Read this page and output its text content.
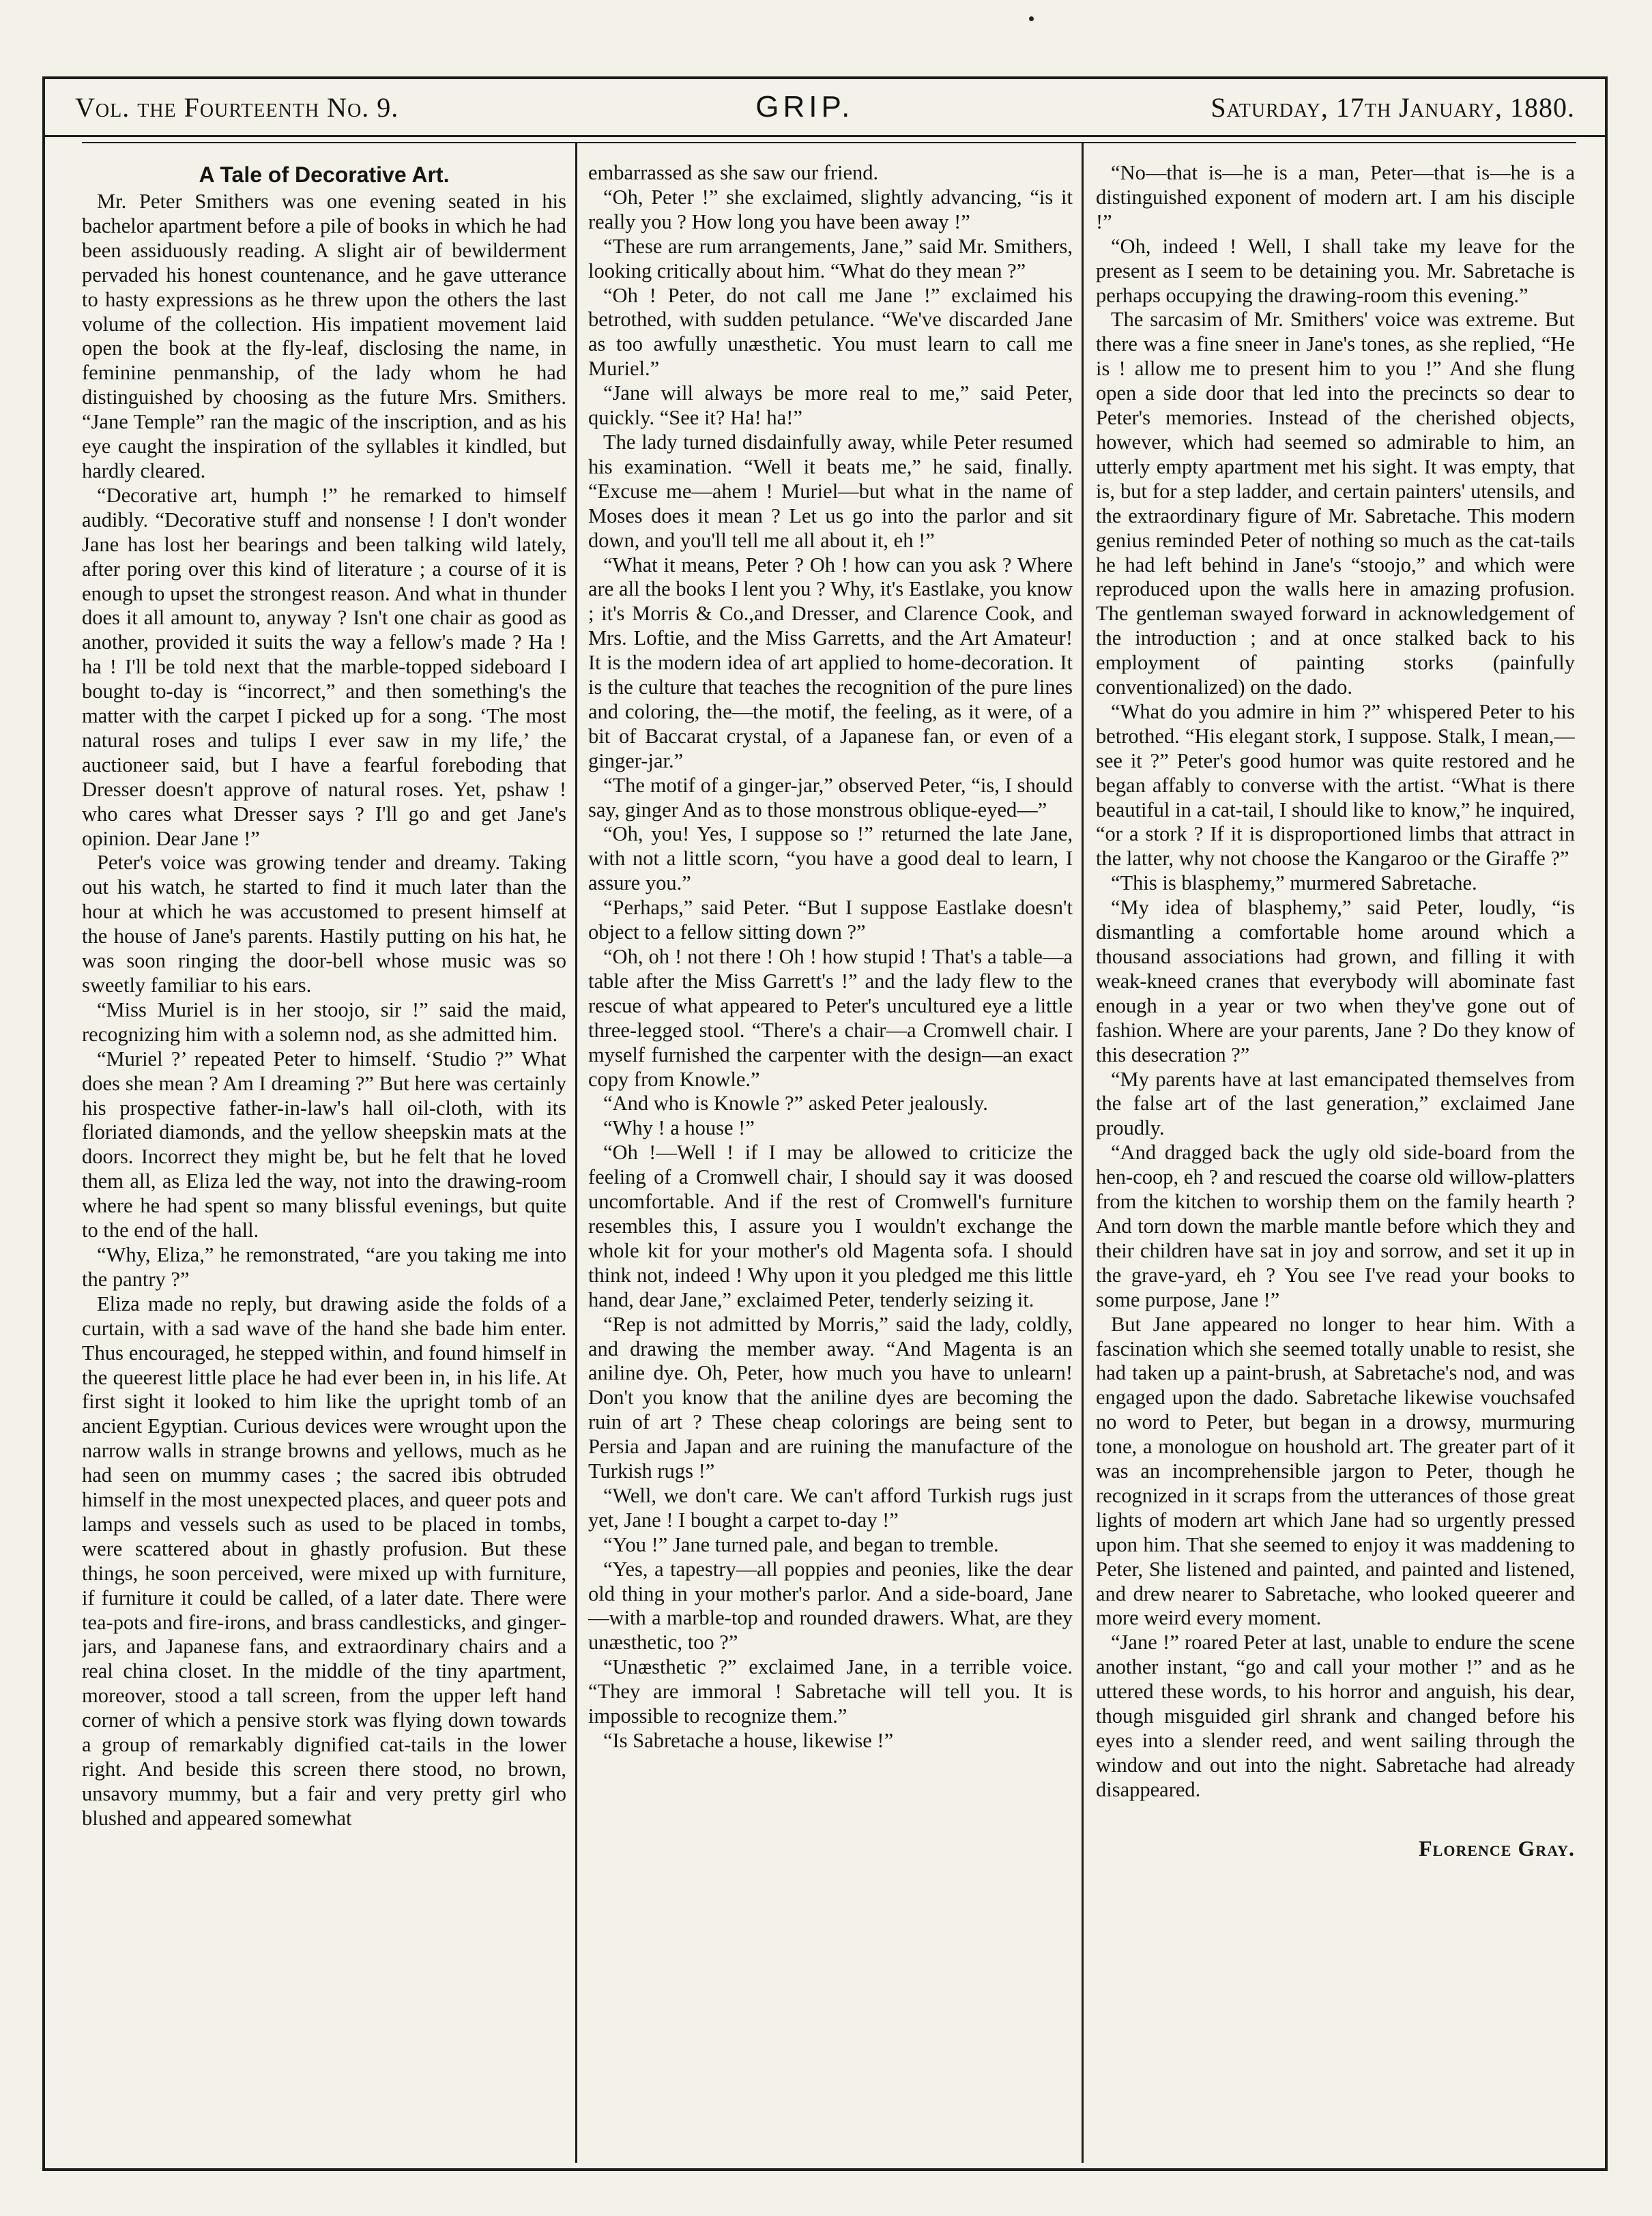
Vol. the Fourteenth No. 9.	GRIP.	Saturday, 17th January, 1880.
A Tale of Decorative Art.

Mr. Peter Smithers was one evening seated in his bachelor apartment before a pile of books in which he had been assiduously reading. A slight air of bewilderment pervaded his honest countenance, and he gave utterance to hasty expressions as he threw upon the others the last volume of the collection. His impatient movement laid open the book at the fly-leaf, disclosing the name, in feminine penmanship, of the lady whom he had distinguished by choosing as the future Mrs. Smithers. “Jane Temple” ran the magic of the inscription, and as his eye caught the inspiration of the syllables it kindled, but hardly cleared.

“Decorative art, humph !” he remarked to himself audibly. “Decorative stuff and nonsense ! I don't wonder Jane has lost her bearings and been talking wild lately, after poring over this kind of literature ; a course of it is enough to upset the strongest reason. And what in thunder does it all amount to, anyway ? Isn't one chair as good as another, provided it suits the way a fellow's made ? Ha ! ha ! I'll be told next that the marble-topped sideboard I bought to-day is “incorrect,” and then something's the matter with the carpet I picked up for a song. ‘The most natural roses and tulips I ever saw in my life,’ the auctioneer said, but I have a fearful foreboding that Dresser doesn't approve of natural roses. Yet, pshaw ! who cares what Dresser says ? I'll go and get Jane's opinion. Dear Jane !”

Peter's voice was growing tender and dreamy. Taking out his watch, he started to find it much later than the hour at which he was accustomed to present himself at the house of Jane's parents. Hastily putting on his hat, he was soon ringing the door-bell whose music was so sweetly familiar to his ears.

“Miss Muriel is in her stoojo, sir !” said the maid, recognizing him with a solemn nod, as she admitted him.

“Muriel ?’ repeated Peter to himself. ‘Studio ?” What does she mean ? Am I dreaming ?” But here was certainly his prospective father-in-law's hall oil-cloth, with its floriated diamonds, and the yellow sheepskin mats at the doors. Incorrect they might be, but he felt that he loved them all, as Eliza led the way, not into the drawing-room where he had spent so many blissful evenings, but quite to the end of the hall.

“Why, Eliza,” he remonstrated, “are you taking me into the pantry ?”

Eliza made no reply, but drawing aside the folds of a curtain, with a sad wave of the hand she bade him enter. Thus encouraged, he stepped within, and found himself in the queerest little place he had ever been in, in his life. At first sight it looked to him like the upright tomb of an ancient Egyptian. Curious devices were wrought upon the narrow walls in strange browns and yellows, much as he had seen on mummy cases ; the sacred ibis obtruded himself in the most unexpected places, and queer pots and lamps and vessels such as used to be placed in tombs, were scattered about in ghastly profusion. But these things, he soon perceived, were mixed up with furniture, if furniture it could be called, of a later date. There were tea-pots and fire-irons, and brass candlesticks, and ginger-jars, and Japanese fans, and extraordinary chairs and a real china closet. In the middle of the tiny apartment, moreover, stood a tall screen, from the upper left hand corner of which a pensive stork was flying down towards a group of remarkably dignified cat-tails in the lower right. And beside this screen there stood, no brown, unsavory mummy, but a fair and very pretty girl who blushed and appeared somewhat

embarrassed as she saw our friend.

“Oh, Peter !” she exclaimed, slightly advancing, “is it really you ? How long you have been away !”

“These are rum arrangements, Jane,” said Mr. Smithers, looking critically about him. “What do they mean ?”

“Oh ! Peter, do not call me Jane !” exclaimed his betrothed, with sudden petulance. “We've discarded Jane as too awfully unæsthetic. You must learn to call me Muriel.”

“Jane will always be more real to me,” said Peter, quickly. “See it? Ha! ha!”

The lady turned disdainfully away, while Peter resumed his examination. “Well it beats me,” he said, finally. “Excuse me—ahem ! Muriel—but what in the name of Moses does it mean ? Let us go into the parlor and sit down, and you'll tell me all about it, eh !”

“What it means, Peter ? Oh ! how can you ask ? Where are all the books I lent you ? Why, it's Eastlake, you know ; it's Morris & Co.,and Dresser, and Clarence Cook, and Mrs. Loftie, and the Miss Garretts, and the Art Amateur! It is the modern idea of art applied to home-decoration. It is the culture that teaches the recognition of the pure lines and coloring, the—the motif, the feeling, as it were, of a bit of Baccarat crystal, of a Japanese fan, or even of a ginger-jar.”

“The motif of a ginger-jar,” observed Peter, “is, I should say, ginger And as to those monstrous oblique-eyed—”

“Oh, you! Yes, I suppose so !” returned the late Jane, with not a little scorn, “you have a good deal to learn, I assure you.”

“Perhaps,” said Peter. “But I suppose Eastlake doesn't object to a fellow sitting down ?”

“Oh, oh ! not there ! Oh ! how stupid ! That's a table—a table after the Miss Garrett's !” and the lady flew to the rescue of what appeared to Peter's uncultured eye a little three-legged stool. “There's a chair—a Cromwell chair. I myself furnished the carpenter with the design—an exact copy from Knowle.”

“And who is Knowle ?” asked Peter jealously.

“Why ! a house !”

“Oh !—Well ! if I may be allowed to criticize the feeling of a Cromwell chair, I should say it was doosed uncomfortable. And if the rest of Cromwell's furniture resembles this, I assure you I wouldn't exchange the whole kit for your mother's old Magenta sofa. I should think not, indeed ! Why upon it you pledged me this little hand, dear Jane,” exclaimed Peter, tenderly seizing it.

“Rep is not admitted by Morris,” said the lady, coldly, and drawing the member away. “And Magenta is an aniline dye. Oh, Peter, how much you have to unlearn! Don't you know that the aniline dyes are becoming the ruin of art ? These cheap colorings are being sent to Persia and Japan and are ruining the manufacture of the Turkish rugs !”

“Well, we don't care. We can't afford Turkish rugs just yet, Jane ! I bought a carpet to-day !”

“You !” Jane turned pale, and began to tremble.

“Yes, a tapestry—all poppies and peonies, like the dear old thing in your mother's parlor. And a side-board, Jane—with a marble-top and rounded drawers. What, are they unæsthetic, too ?”

“Unæsthetic ?” exclaimed Jane, in a terrible voice. “They are immoral ! Sabretache will tell you. It is impossible to recognize them.”

“Is Sabretache a house, likewise !”

“No—that is—he is a man, Peter—that is—he is a distinguished exponent of modern art. I am his disciple !”

“Oh, indeed ! Well, I shall take my leave for the present as I seem to be detaining you. Mr. Sabretache is perhaps occupying the drawing-room this evening.”

The sarcasim of Mr. Smithers' voice was extreme. But there was a fine sneer in Jane's tones, as she replied, “He is ! allow me to present him to you !” And she flung open a side door that led into the precincts so dear to Peter's memories. Instead of the cherished objects, however, which had seemed so admirable to him, an utterly empty apartment met his sight. It was empty, that is, but for a step ladder, and certain painters' utensils, and the extraordinary figure of Mr. Sabretache. This modern genius reminded Peter of nothing so much as the cat-tails he had left behind in Jane's “stoojo,” and which were reproduced upon the walls here in amazing profusion. The gentleman swayed forward in acknowledgement of the introduction ; and at once stalked back to his employment of painting storks (painfully conventionalized) on the dado.

“What do you admire in him ?” whispered Peter to his betrothed. “His elegant stork, I suppose. Stalk, I mean,—see it ?” Peter's good humor was quite restored and he began affably to converse with the artist. “What is there beautiful in a cat-tail, I should like to know,” he inquired, “or a stork ? If it is disproportioned limbs that attract in the latter, why not choose the Kangaroo or the Giraffe ?”

“This is blasphemy,” murmered Sabretache.

“My idea of blasphemy,” said Peter, loudly, “is dismantling a comfortable home around which a thousand associations had grown, and filling it with weak-kneed cranes that everybody will abominate fast enough in a year or two when they've gone out of fashion. Where are your parents, Jane ? Do they know of this desecration ?”

“My parents have at last emancipated themselves from the false art of the last generation,” exclaimed Jane proudly.

“And dragged back the ugly old side-board from the hen-coop, eh ? and rescued the coarse old willow-platters from the kitchen to worship them on the family hearth ? And torn down the marble mantle before which they and their children have sat in joy and sorrow, and set it up in the grave-yard, eh ? You see I've read your books to some purpose, Jane !”

But Jane appeared no longer to hear him. With a fascination which she seemed totally unable to resist, she had taken up a paint-brush, at Sabretache's nod, and was engaged upon the dado. Sabretache likewise vouchsafed no word to Peter, but began in a drowsy, murmuring tone, a monologue on houshold art. The greater part of it was an incomprehensible jargon to Peter, though he recognized in it scraps from the utterances of those great lights of modern art which Jane had so urgently pressed upon him. That she seemed to enjoy it was maddening to Peter, She listened and painted, and painted and listened, and drew nearer to Sabretache, who looked queerer and more weird every moment.

“Jane !” roared Peter at last, unable to endure the scene another instant, “go and call your mother !” and as he uttered these words, to his horror and anguish, his dear, though misguided girl shrank and changed before his eyes into a slender reed, and went sailing through the window and out into the night. Sabretache had already disappeared.

Florence Gray.
